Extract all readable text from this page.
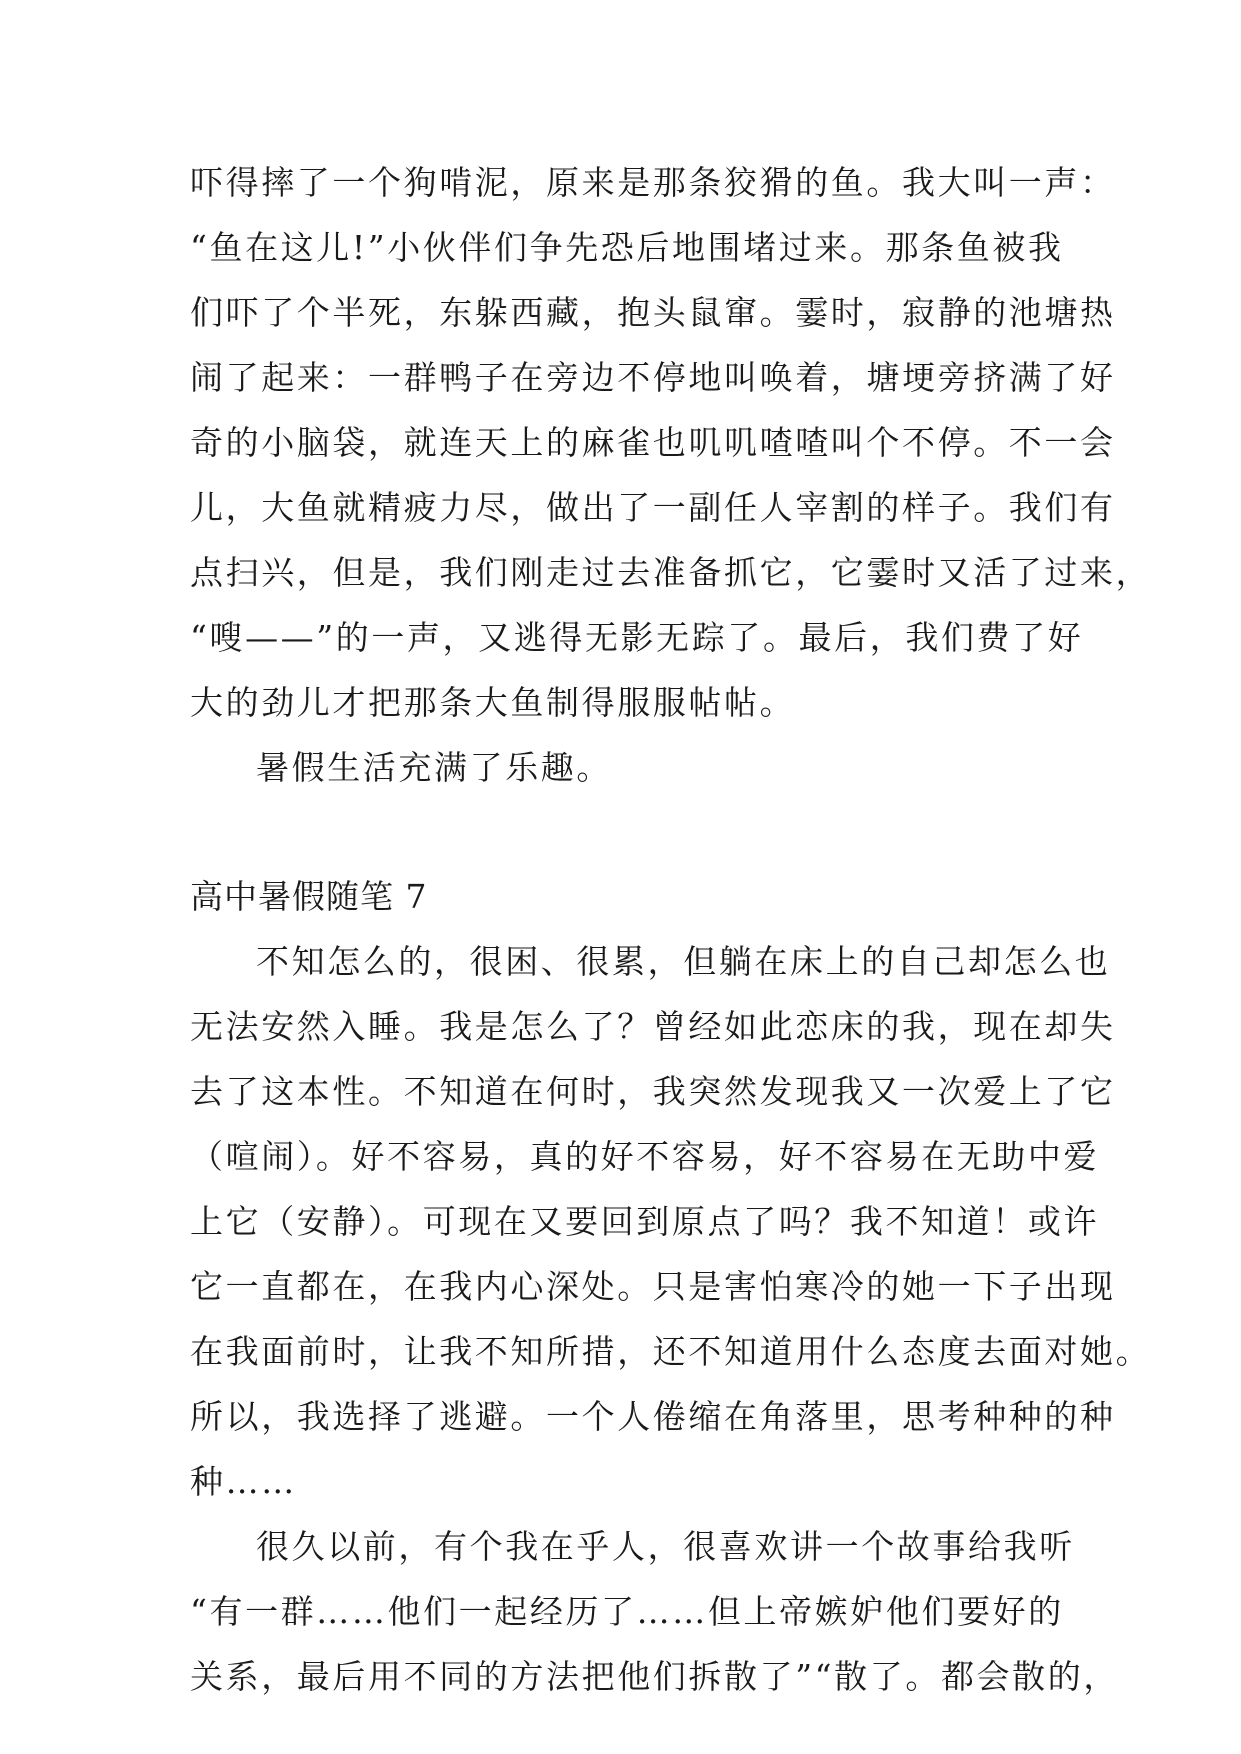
吓得摔了一个狗啃泥，原来是那条狡猾的鱼。我大叫一声：
“鱼在这儿!”小伙伴们争先恐后地围堵过来。那条鱼被我
们吓了个半死，东躲西藏，抱头鼠窜。霎时，寂静的池塘热
闹了起来：一群鸭子在旁边不停地叫唤着，塘埂旁挤满了好
奇的小脑袋，就连天上的麻雀也叽叽喳喳叫个不停。不一会
儿，大鱼就精疲力尽，做出了一副任人宰割的样子。我们有
点扫兴，但是，我们刚走过去准备抓它，它霎时又活了过来，
“嗖——”的一声，又逃得无影无踪了。最后，我们费了好
大的劲儿才把那条大鱼制得服服帖帖。
暑假生活充满了乐趣。
高中暑假随笔 7
不知怎么的，很困、很累，但躺在床上的自己却怎么也
无法安然入睡。我是怎么了？曾经如此恋床的我，现在却失
去了这本性。不知道在何时，我突然发现我又一次爱上了它
（喧闹）。好不容易，真的好不容易，好不容易在无助中爱
上它（安静）。可现在又要回到原点了吗？我不知道！或许
它一直都在，在我内心深处。只是害怕寒冷的她一下子出现
在我面前时，让我不知所措，还不知道用什么态度去面对她。
所以，我选择了逃避。一个人倦缩在角落里，思考种种的种
种……
很久以前，有个我在乎人，很喜欢讲一个故事给我听
“有一群……他们一起经历了……但上帝嫉妒他们要好的
关系，最后用不同的方法把他们拆散了”“散了。都会散的，
